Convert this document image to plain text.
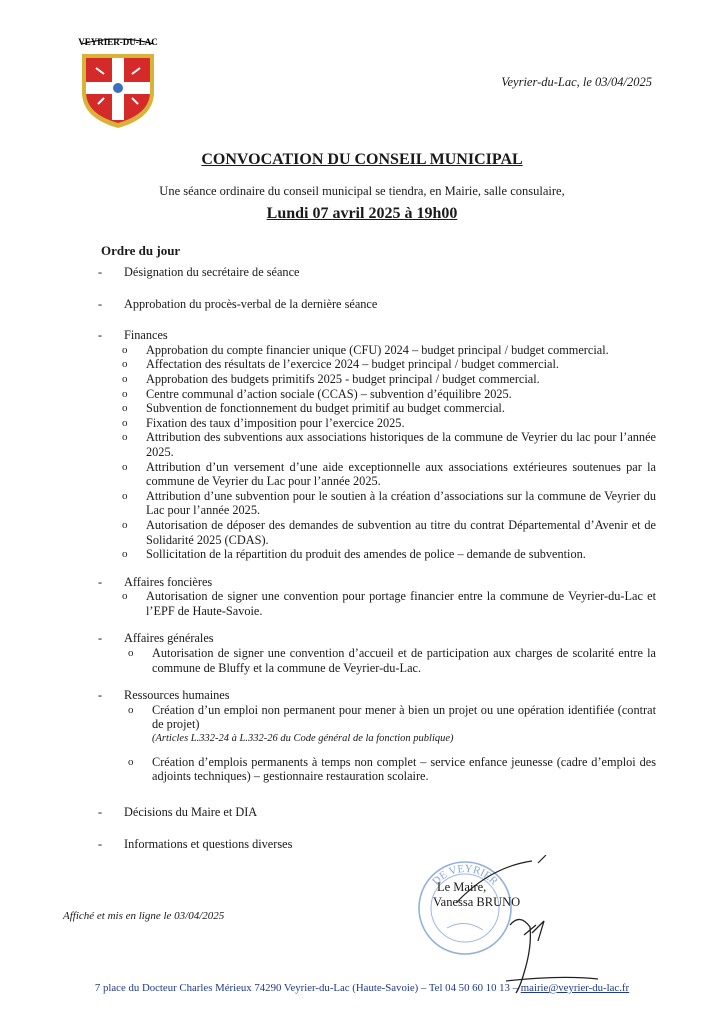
VEYRIER-DU-LAC
Veyrier-du-Lac, le 03/04/2025
CONVOCATION DU CONSEIL MUNICIPAL
Une séance ordinaire du conseil municipal se tiendra, en Mairie, salle consulaire,
Lundi 07 avril 2025 à 19h00
Ordre du jour
- Désignation du secrétaire de séance
- Approbation du procès-verbal de la dernière séance
- Finances
o Approbation du compte financier unique (CFU) 2024 – budget principal / budget commercial.
o Affectation des résultats de l’exercice 2024 – budget principal / budget commercial.
o Approbation des budgets primitifs 2025 - budget principal / budget commercial.
o Centre communal d’action sociale (CCAS) – subvention d’équilibre 2025.
o Subvention de fonctionnement du budget primitif au budget commercial.
o Fixation des taux d’imposition pour l’exercice 2025.
o Attribution des subventions aux associations historiques de la commune de Veyrier du lac pour l’année 2025.
o Attribution d’un versement d’une aide exceptionnelle aux associations extérieures soutenues par la commune de Veyrier du Lac pour l’année 2025.
o Attribution d’une subvention pour le soutien à la création d’associations sur la commune de Veyrier du Lac pour l’année 2025.
o Autorisation de déposer des demandes de subvention au titre du contrat Départemental d’Avenir et de Solidarité 2025 (CDAS).
o Sollicitation de la répartition du produit des amendes de police – demande de subvention.
- Affaires foncières
o Autorisation de signer une convention pour portage financier entre la commune de Veyrier-du-Lac et l’EPF de Haute-Savoie.
- Affaires générales
o Autorisation de signer une convention d’accueil et de participation aux charges de scolarité entre la commune de Bluffy et la commune de Veyrier-du-Lac.
- Ressources humaines
o Création d’un emploi non permanent pour mener à bien un projet ou une opération identifiée (contrat de projet)
(Articles L.332-24 à L.332-26 du Code général de la fonction publique)
o Création d’emplois permanents à temps non complet – service enfance jeunesse (cadre d’emploi des adjoints techniques) – gestionnaire restauration scolaire.
- Décisions du Maire et DIA
- Informations et questions diverses
DE VEYRIER
Le Maire,
Vanessa BRUNO
Affiché et mis en ligne le 03/04/2025
7 place du Docteur Charles Mérieux 74290 Veyrier-du-Lac (Haute-Savoie) – Tel 04 50 60 10 13 – mairie@veyrier-du-lac.fr
